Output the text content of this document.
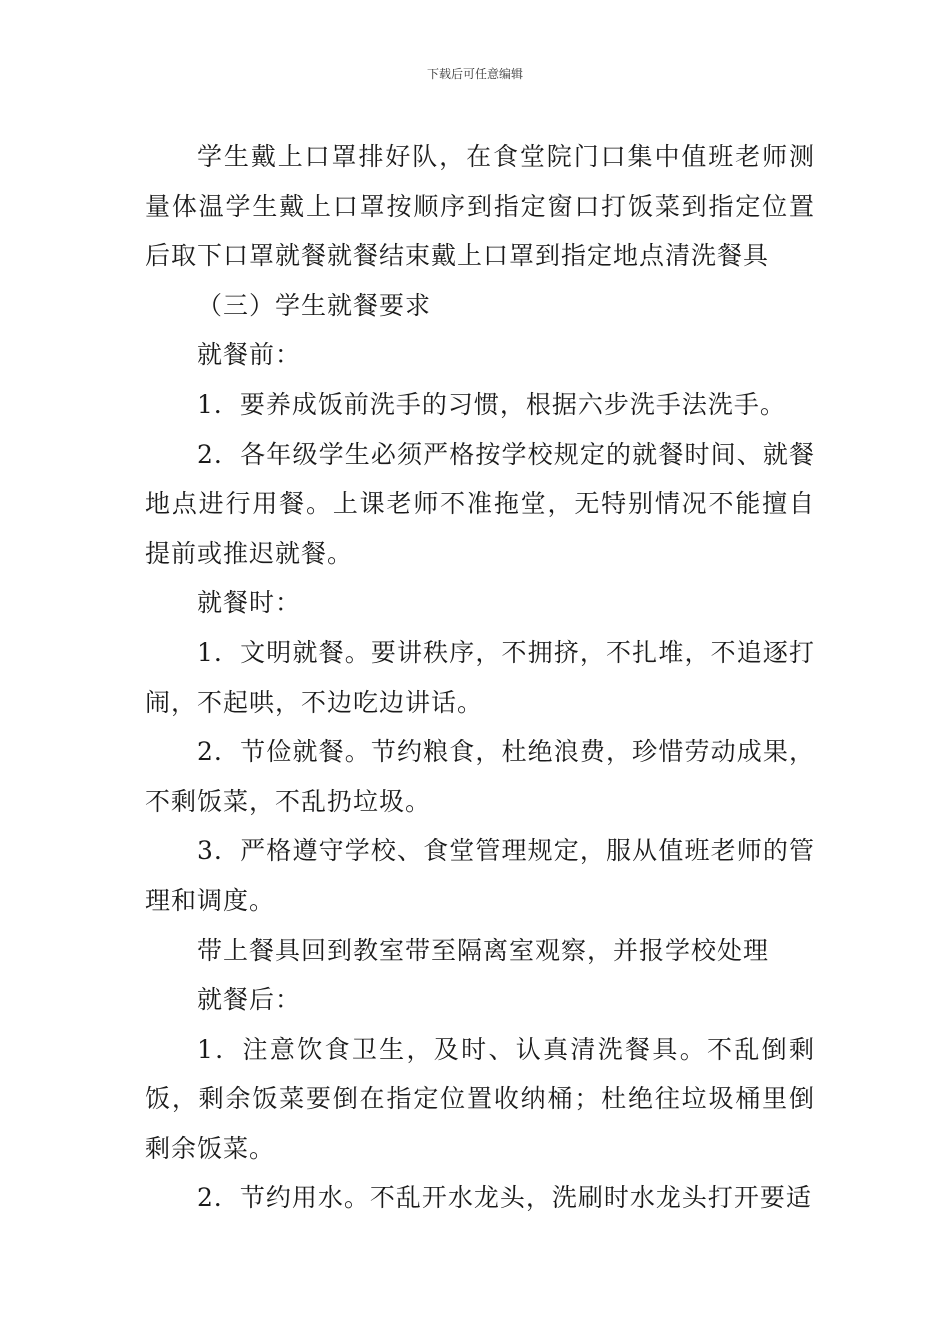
下载后可任意编辑

学生戴上口罩排好队，在食堂院门口集中值班老师测量体温学生戴上口罩按顺序到指定窗口打饭菜到指定位置后取下口罩就餐就餐结束戴上口罩到指定地点清洗餐具

（三）学生就餐要求

就餐前：

1．要养成饭前洗手的习惯，根据六步洗手法洗手。

2．各年级学生必须严格按学校规定的就餐时间、就餐地点进行用餐。上课老师不准拖堂，无特别情况不能擅自提前或推迟就餐。

就餐时：

1．文明就餐。要讲秩序，不拥挤，不扎堆，不追逐打闹，不起哄，不边吃边讲话。

2．节俭就餐。节约粮食，杜绝浪费，珍惜劳动成果，不剩饭菜，不乱扔垃圾。

3．严格遵守学校、食堂管理规定，服从值班老师的管理和调度。

带上餐具回到教室带至隔离室观察，并报学校处理

就餐后：

1．注意饮食卫生，及时、认真清洗餐具。不乱倒剩饭，剩余饭菜要倒在指定位置收纳桶；杜绝往垃圾桶里倒剩余饭菜。

2．节约用水。不乱开水龙头，洗刷时水龙头打开要适
